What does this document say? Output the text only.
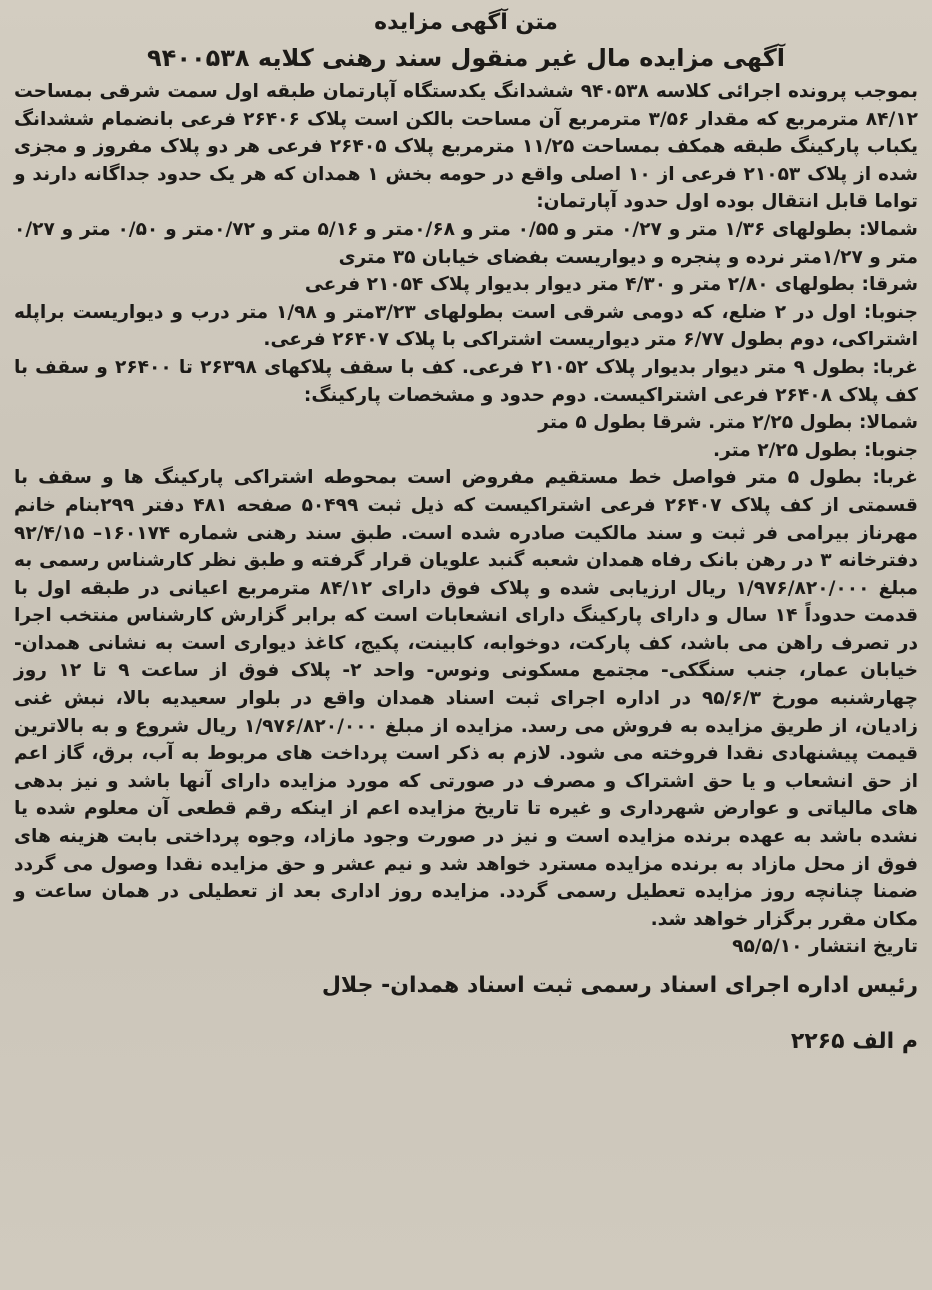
متن آگهی مزایده

آگهی مزایده مال غیر منقول سند رهنی کلایه ۹۴۰۰۵۳۸

بموجب پرونده اجرائی کلاسه ۹۴۰۵۳۸ ششدانگ یکدستگاه آپارتمان طبقه اول سمت شرقی بمساحت ۸۴/۱۲ مترمربع که مقدار ۳/۵۶ مترمربع آن مساحت بالکن است پلاک ۲۶۴۰۶ فرعی بانضمام ششدانگ یکباب پارکینگ طبقه همکف بمساحت ۱۱/۲۵ مترمربع پلاک ۲۶۴۰۵ فرعی هر دو پلاک مفروز و مجزی شده از پلاک ۲۱۰۵۳ فرعی از ۱۰ اصلی واقع در حومه بخش ۱ همدان که هر یک حدود جداگانه دارند و تواما قابل انتقال بوده اول حدود آپارتمان:
شمالا: بطولهای ۱/۳۶ متر و ۰/۲۷ متر و ۰/۵۵ متر و ۰/۶۸متر و ۵/۱۶ متر و ۰/۷۲متر و ۰/۵۰ متر و ۰/۲۷ متر و ۱/۲۷متر نرده و پنجره و دیواریست بفضای خیابان ۳۵ متری
شرقا: بطولهای ۲/۸۰ متر و ۴/۳۰ متر دیوار بدیوار پلاک ۲۱۰۵۴ فرعی
جنوبا: اول در ۲ ضلع، که دومی شرقی است بطولهای ۳/۲۳متر و ۱/۹۸ متر درب و دیواریست براپله اشتراکی، دوم بطول ۶/۷۷ متر دیواریست اشتراکی با پلاک ۲۶۴۰۷ فرعی.
غربا: بطول ۹ متر دیوار بدیوار پلاک ۲۱۰۵۲ فرعی. کف با سقف پلاکهای ۲۶۳۹۸ تا ۲۶۴۰۰ و سقف با کف پلاک ۲۶۴۰۸ فرعی اشتراکیست. دوم حدود و مشخصات پارکینگ:
شمالا: بطول ۲/۲۵ متر. شرقا بطول ۵ متر
جنوبا: بطول ۲/۲۵ متر.
غربا: بطول ۵ متر فواصل خط مستقیم مفروض است بمحوطه اشتراکی پارکینگ ها و سقف با قسمتی از کف پلاک ۲۶۴۰۷ فرعی اشتراکیست که ذیل ثبت ۵۰۴۹۹ صفحه ۴۸۱ دفتر ۲۹۹بنام خانم مهرناز بیرامی فر ثبت و سند مالکیت صادره شده است. طبق سند رهنی شماره ۱۶۰۱۷۴– ۹۲/۴/۱۵ دفترخانه ۳ در رهن بانک رفاه همدان شعبه گنبد علویان قرار گرفته و طبق نظر کارشناس رسمی به مبلغ ۱/۹۷۶/۸۲۰/۰۰۰ ریال ارزیابی شده و پلاک فوق دارای ۸۴/۱۲ مترمربع اعیانی در طبقه اول با قدمت حدوداً ۱۴ سال و دارای پارکینگ دارای انشعابات است که برابر گزارش کارشناس منتخب اجرا در تصرف راهن می باشد، کف پارکت، دوخوابه، کابینت، پکیج، کاغذ دیواری است به نشانی همدان- خیابان عمار، جنب سنگکی- مجتمع مسکونی ونوس- واحد ۲- پلاک فوق از ساعت ۹ تا ۱۲ روز چهارشنبه مورخ ۹۵/۶/۳ در اداره اجرای ثبت اسناد همدان واقع در بلوار سعیدیه بالا، نبش غنی زادیان، از طریق مزایده به فروش می رسد. مزایده از مبلغ ۱/۹۷۶/۸۲۰/۰۰۰ ریال شروع و به بالاترین قیمت پیشنهادی نقدا فروخته می شود. لازم به ذکر است پرداخت های مربوط به آب، برق، گاز اعم از حق انشعاب و یا حق اشتراک و مصرف در صورتی که مورد مزایده دارای آنها باشد و نیز بدهی های مالیاتی و عوارض شهرداری و غیره تا تاریخ مزایده اعم از اینکه رقم قطعی آن معلوم شده یا نشده باشد به عهده برنده مزایده است و نیز در صورت وجود مازاد، وجوه پرداختی بابت هزینه های فوق از محل مازاد به برنده مزایده مسترد خواهد شد و نیم عشر و حق مزایده نقدا وصول می گردد ضمنا چنانچه روز مزایده تعطیل رسمی گردد. مزایده روز اداری بعد از تعطیلی در همان ساعت و مکان مقرر برگزار خواهد شد.
تاریخ انتشار ۹۵/۵/۱۰

رئیس اداره اجرای اسناد رسمی ثبت اسناد همدان- جلال

م الف ۲۲۶۵
